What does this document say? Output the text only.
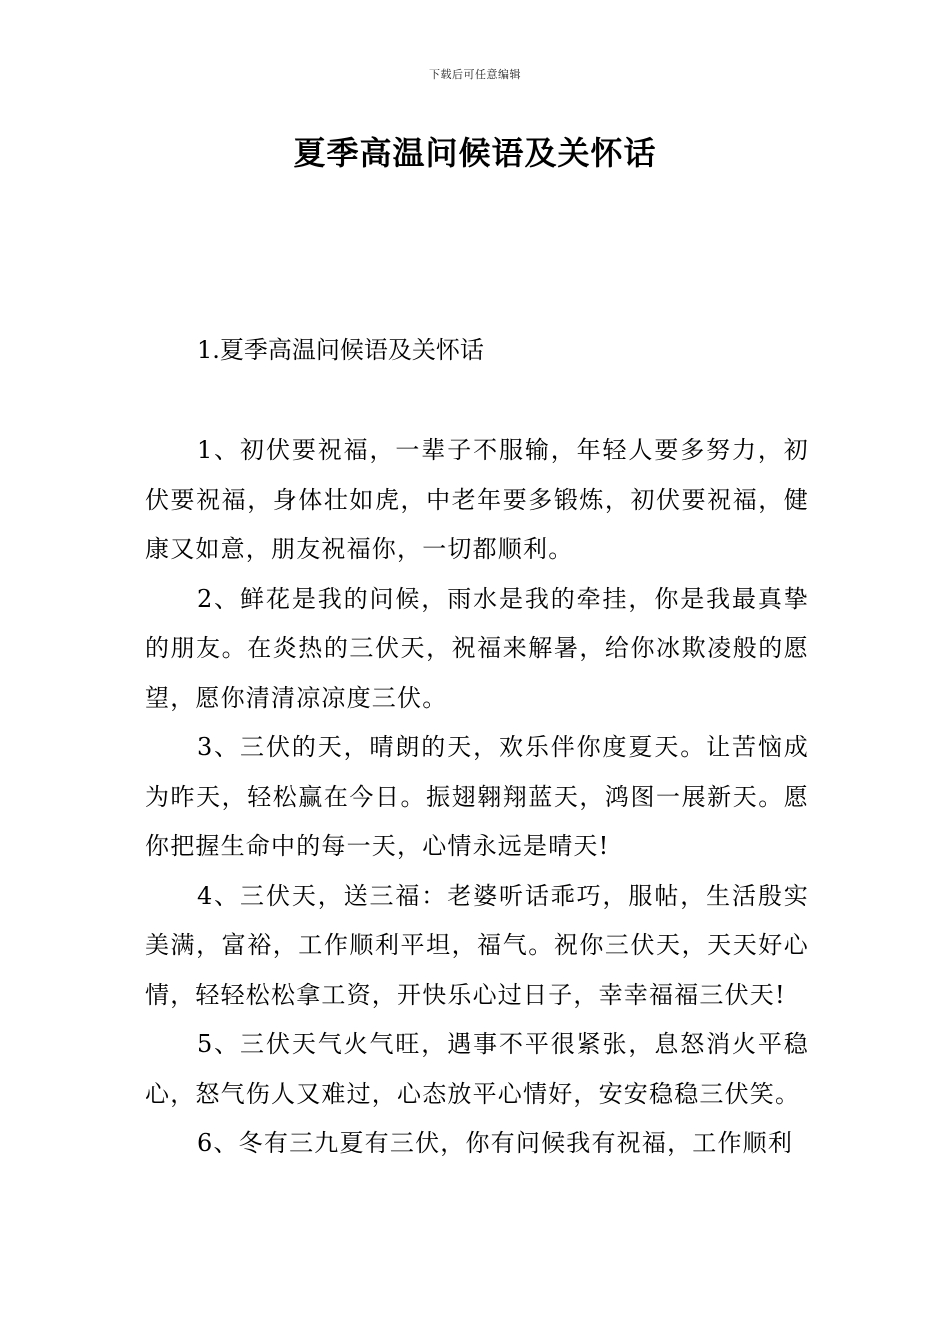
下载后可任意编辑
夏季高温问候语及关怀话
1.夏季高温问候语及关怀话

1、初伏要祝福，一辈子不服输，年轻人要多努力，初伏要祝福，身体壮如虎，中老年要多锻炼，初伏要祝福，健康又如意，朋友祝福你，一切都顺利。

2、鲜花是我的问候，雨水是我的牵挂，你是我最真挚的朋友。在炎热的三伏天，祝福来解暑，给你冰欺凌般的愿望，愿你清清凉凉度三伏。

3、三伏的天，晴朗的天，欢乐伴你度夏天。让苦恼成为昨天，轻松赢在今日。振翅翱翔蓝天，鸿图一展新天。愿你把握生命中的每一天，心情永远是晴天!

4、三伏天，送三福：老婆听话乖巧，服帖，生活殷实美满，富裕，工作顺利平坦，福气。祝你三伏天，天天好心情，轻轻松松拿工资，开快乐心过日子，幸幸福福三伏天!

5、三伏天气火气旺，遇事不平很紧张，息怒消火平稳心，怒气伤人又难过，心态放平心情好，安安稳稳三伏笑。

6、冬有三九夏有三伏，你有问候我有祝福，工作顺利
